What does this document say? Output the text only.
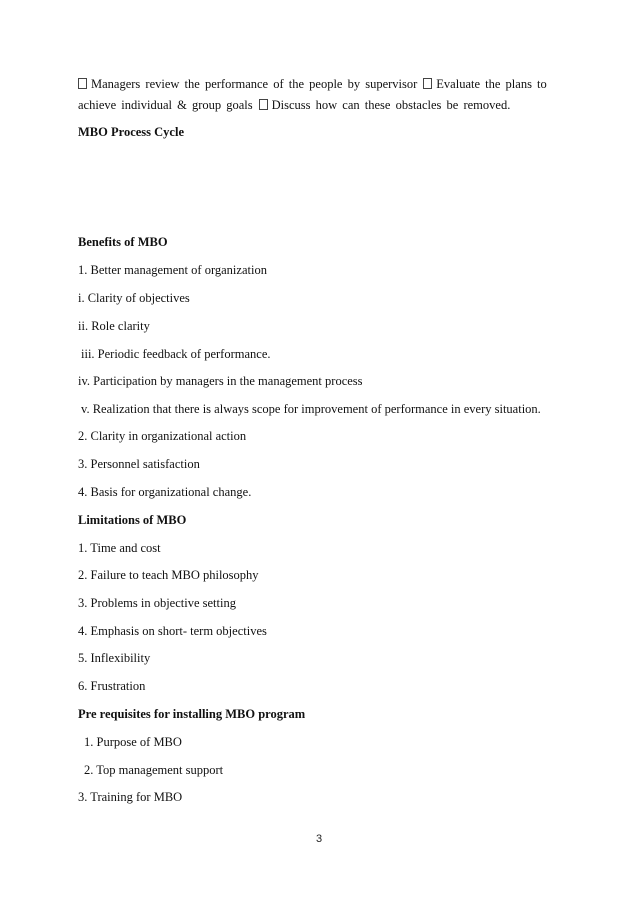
Managers review the performance of the people by supervisor Evaluate the plans to
achieve individual & group goals Discuss how can these obstacles be removed.
MBO Process Cycle
Benefits of MBO
1. Better management of organization
i. Clarity of objectives
ii. Role clarity
iii. Periodic feedback of performance.
iv. Participation by managers in the management process
v. Realization that there is always scope for improvement of performance in every situation.
2. Clarity in organizational action
3. Personnel satisfaction
4. Basis for organizational change.
Limitations of MBO
1. Time and cost
2. Failure to teach MBO philosophy
3. Problems in objective setting
4. Emphasis on short- term objectives
5. Inflexibility
6. Frustration
Pre requisites for installing MBO program
1. Purpose of MBO
2. Top management support
3. Training for MBO
3
